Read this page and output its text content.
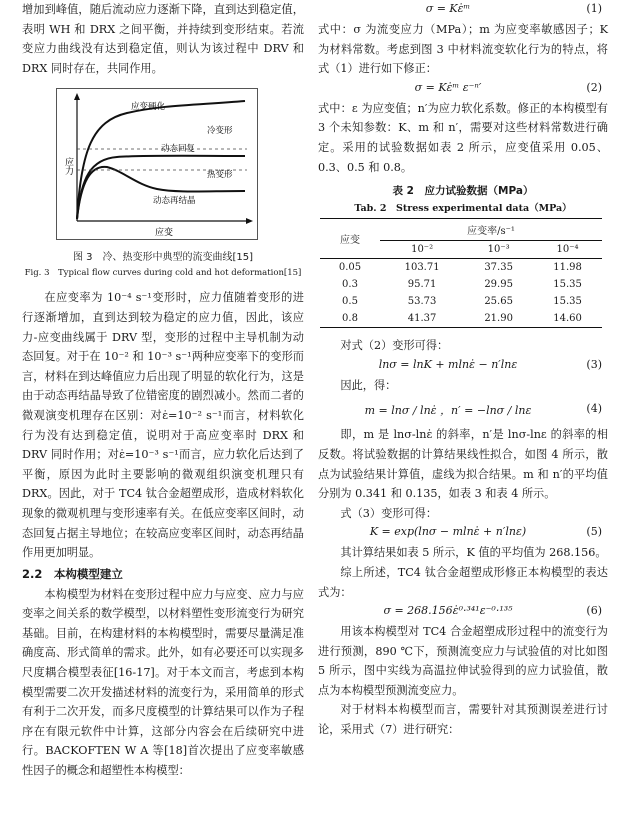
增加到峰值，随后流动应力逐渐下降，直到达到稳定值，表明 WH 和 DRX 之间平衡，并持续到变形结束。若流变应力曲线没有达到稳定值，则认为该过程中 DRV 和 DRX 同时存在，共同作用。

应力
应变
应变硬化
冷变形
动态回复
热变形
动态再结晶
图 3　冷、热变形中典型的流变曲线[15]
Fig. 3　Typical flow curves during cold and hot deformation[15]

在应变率为 10⁻⁴ s⁻¹变形时，应力值随着变形的进行逐渐增加，直到达到较为稳定的应力值，因此，该应力-应变曲线属于 DRV 型，变形的过程中主导机制为动态回复。对于在 10⁻² 和 10⁻³ s⁻¹两种应变率下的变形而言，材料在到达峰值应力后出现了明显的软化行为，这是由于动态再结晶导致了位错密度的剧烈减小。然而二者的微观演变机理存在区别：对ε̇=10⁻² s⁻¹而言，材料软化行为没有达到稳定值，说明对于高应变率时 DRX 和 DRV 同时作用；对ε̇=10⁻³ s⁻¹而言，应力软化后达到了平衡，原因为此时主要影响的微观组织演变机理只有 DRX。因此，对于 TC4 钛合金超塑成形，造成材料软化现象的微观机理与变形速率有关。在低应变率区间时，动态回复占据主导地位；在较高应变率区间时，动态再结晶作用更加明显。

2.2　本构模型建立

本构模型为材料在变形过程中应力与应变、应力与应变率之间关系的数学模型，以材料塑性变形流变行为研究基础。目前，在构建材料的本构模型时，需要尽量满足准确度高、形式简单的需求。此外，如有必要还可以实现多尺度耦合模型表征[16-17]。对于本文而言，考虑到本构模型需要二次开发描述材料的流变行为，采用简单的形式有利于二次开发，而多尺度模型的计算结果可以作为子程序在有限元软件中计算，这部分内容会在后续研究中进行。BACKOFTEN W A 等[18]首次提出了应变率敏感性因子的概念和超塑性本构模型：

σ = Kε̇ᵐ	(1)

式中：σ 为流变应力（MPa）；m 为应变率敏感因子；K 为材料常数。考虑到图 3 中材料流变软化行为的特点，将式（1）进行如下修正：

σ = Kε̇ᵐ ε⁻ⁿ′	(2)

式中：ε 为应变值；n′为应力软化系数。修正的本构模型有 3 个未知参数：K、m 和 n′，需要对这些材料常数进行确定。采用的试验数据如表 2 所示，应变值采用 0.05、0.3、0.5 和 0.8。

表 2　应力试验数据（MPa）
Tab. 2　Stress experimental data（MPa）
应变	应变率/s⁻¹		
	10⁻²	10⁻³	10⁻⁴
0.05	103.71	37.35	11.98
0.3	95.71	29.95	15.35
0.5	53.73	25.65	15.35
0.8	41.37	21.90	14.60

对式（2）变形可得：

lnσ = lnK + mlnε̇ − n′lnε	(3)

因此，得：

m = lnσ / lnε̇ ，n′ = −lnσ / lnε	(4)

即，m 是 lnσ-lnε̇ 的斜率，n′是 lnσ-lnε 的斜率的相反数。将试验数据的计算结果线性拟合，如图 4 所示，散点为试验结果计算值，虚线为拟合结果。m 和 n′的平均值分别为 0.341 和 0.135，如表 3 和表 4 所示。

式（3）变形可得：

K = exp(lnσ − mlnε̇ + n′lnε)	(5)

其计算结果如表 5 所示，K 值的平均值为 268.156。

综上所述，TC4 钛合金超塑成形修正本构模型的表达式为：

σ = 268.156ε̇⁰·³⁴¹ε⁻⁰·¹³⁵	(6)

用该本构模型对 TC4 合金超塑成形过程中的流变行为进行预测，890 ℃下，预测流变应力与试验值的对比如图 5 所示，图中实线为高温拉伸试验得到的应力试验值，散点为本构模型预测流变应力。

对于材料本构模型而言，需要针对其预测误差进行讨论，采用式（7）进行研究：
